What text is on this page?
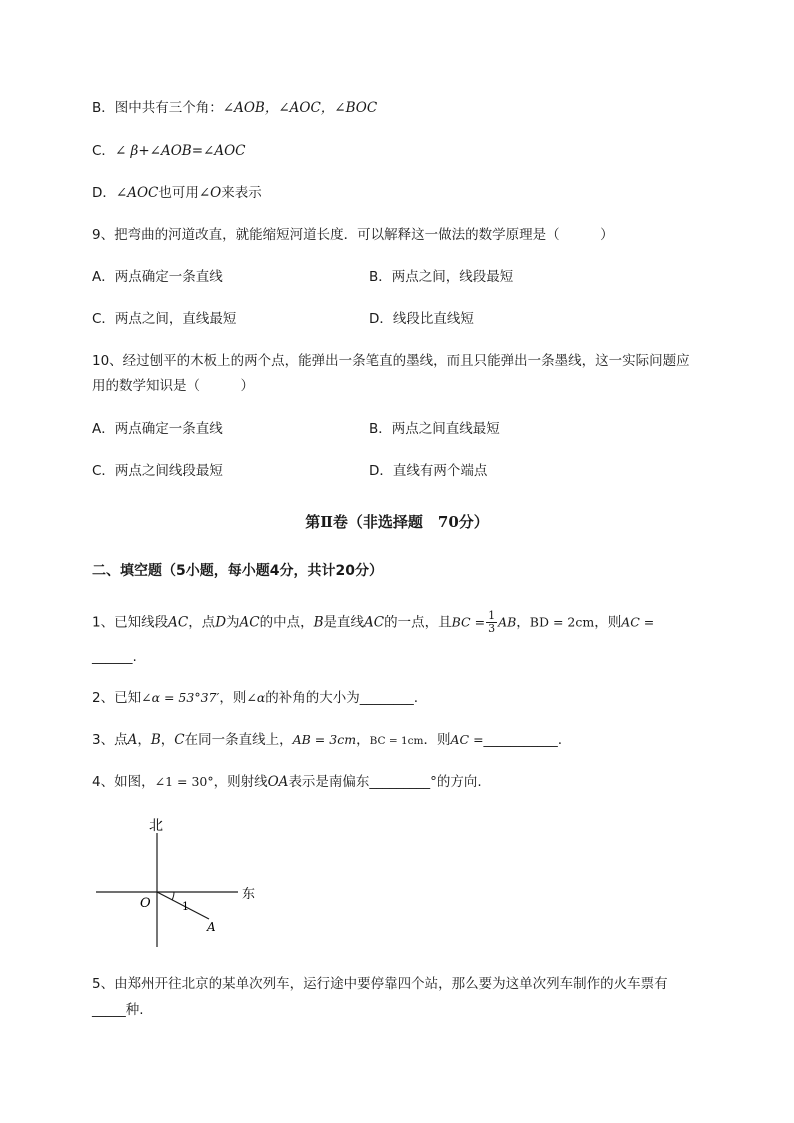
B．图中共有三个角：∠AOB，∠AOC，∠BOC
C．∠ β+∠AOB=∠AOC
D．∠AOC也可用∠O来表示
9、把弯曲的河道改直，就能缩短河道长度．可以解释这一做法的数学原理是（　　　）
A．两点确定一条直线	B．两点之间，线段最短
C．两点之间，直线最短	D．线段比直线短
10、经过刨平的木板上的两个点，能弹出一条笔直的墨线，而且只能弹出一条墨线，这一实际问题应
用的数学知识是（　　　）
A．两点确定一条直线	B．两点之间直线最短
C．两点之间线段最短	D．直线有两个端点
第Ⅱ卷（非选择题　70分）
二、填空题（5小题，每小题4分，共计20分）
1、已知线段AC，点D为AC的中点，B是直线AC的一点，且BC = $\frac{1}{3}$ AB，BD = 2cm，则AC =
______.
2、已知∠α = 53°37′，则∠α的补角的大小为________.
3、点A，B，C在同一条直线上，AB = 3cm，BC = 1cm．则AC =___________.
4、如图，∠1 = 30°，则射线OA表示是南偏东_________°的方向.
北
东
O	1
A
5、由郑州开往北京的某单次列车，运行途中要停靠四个站，那么要为这单次列车制作的火车票有
_____种.
